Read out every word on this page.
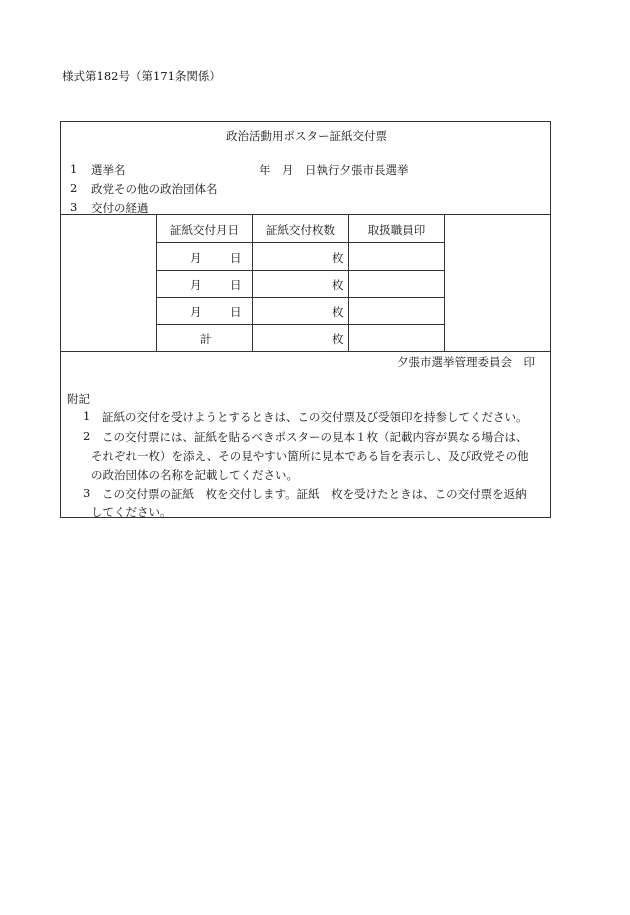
様式第182号（第171条関係）
政治活動用ポスター証紙交付票
1 選挙名	年　月　日執行夕張市長選挙
2 政党その他の政治団体名
3 交付の経過
証紙交付月日	証紙交付枚数	取扱職員印
月 日	枚
月 日	枚
月 日	枚
計	枚
夕張市選挙管理委員会　印
附記
1 証紙の交付を受けようとするときは、この交付票及び受領印を持参してください。
2 この交付票には、証紙を貼るべきポスターの見本１枚（記載内容が異なる場合は、
それぞれ一枚）を添え、その見やすい箇所に見本である旨を表示し、及び政党その他
の政治団体の名称を記載してください。
3 この交付票の証紙　枚を交付します。証紙　枚を受けたときは、この交付票を返納
してください。
